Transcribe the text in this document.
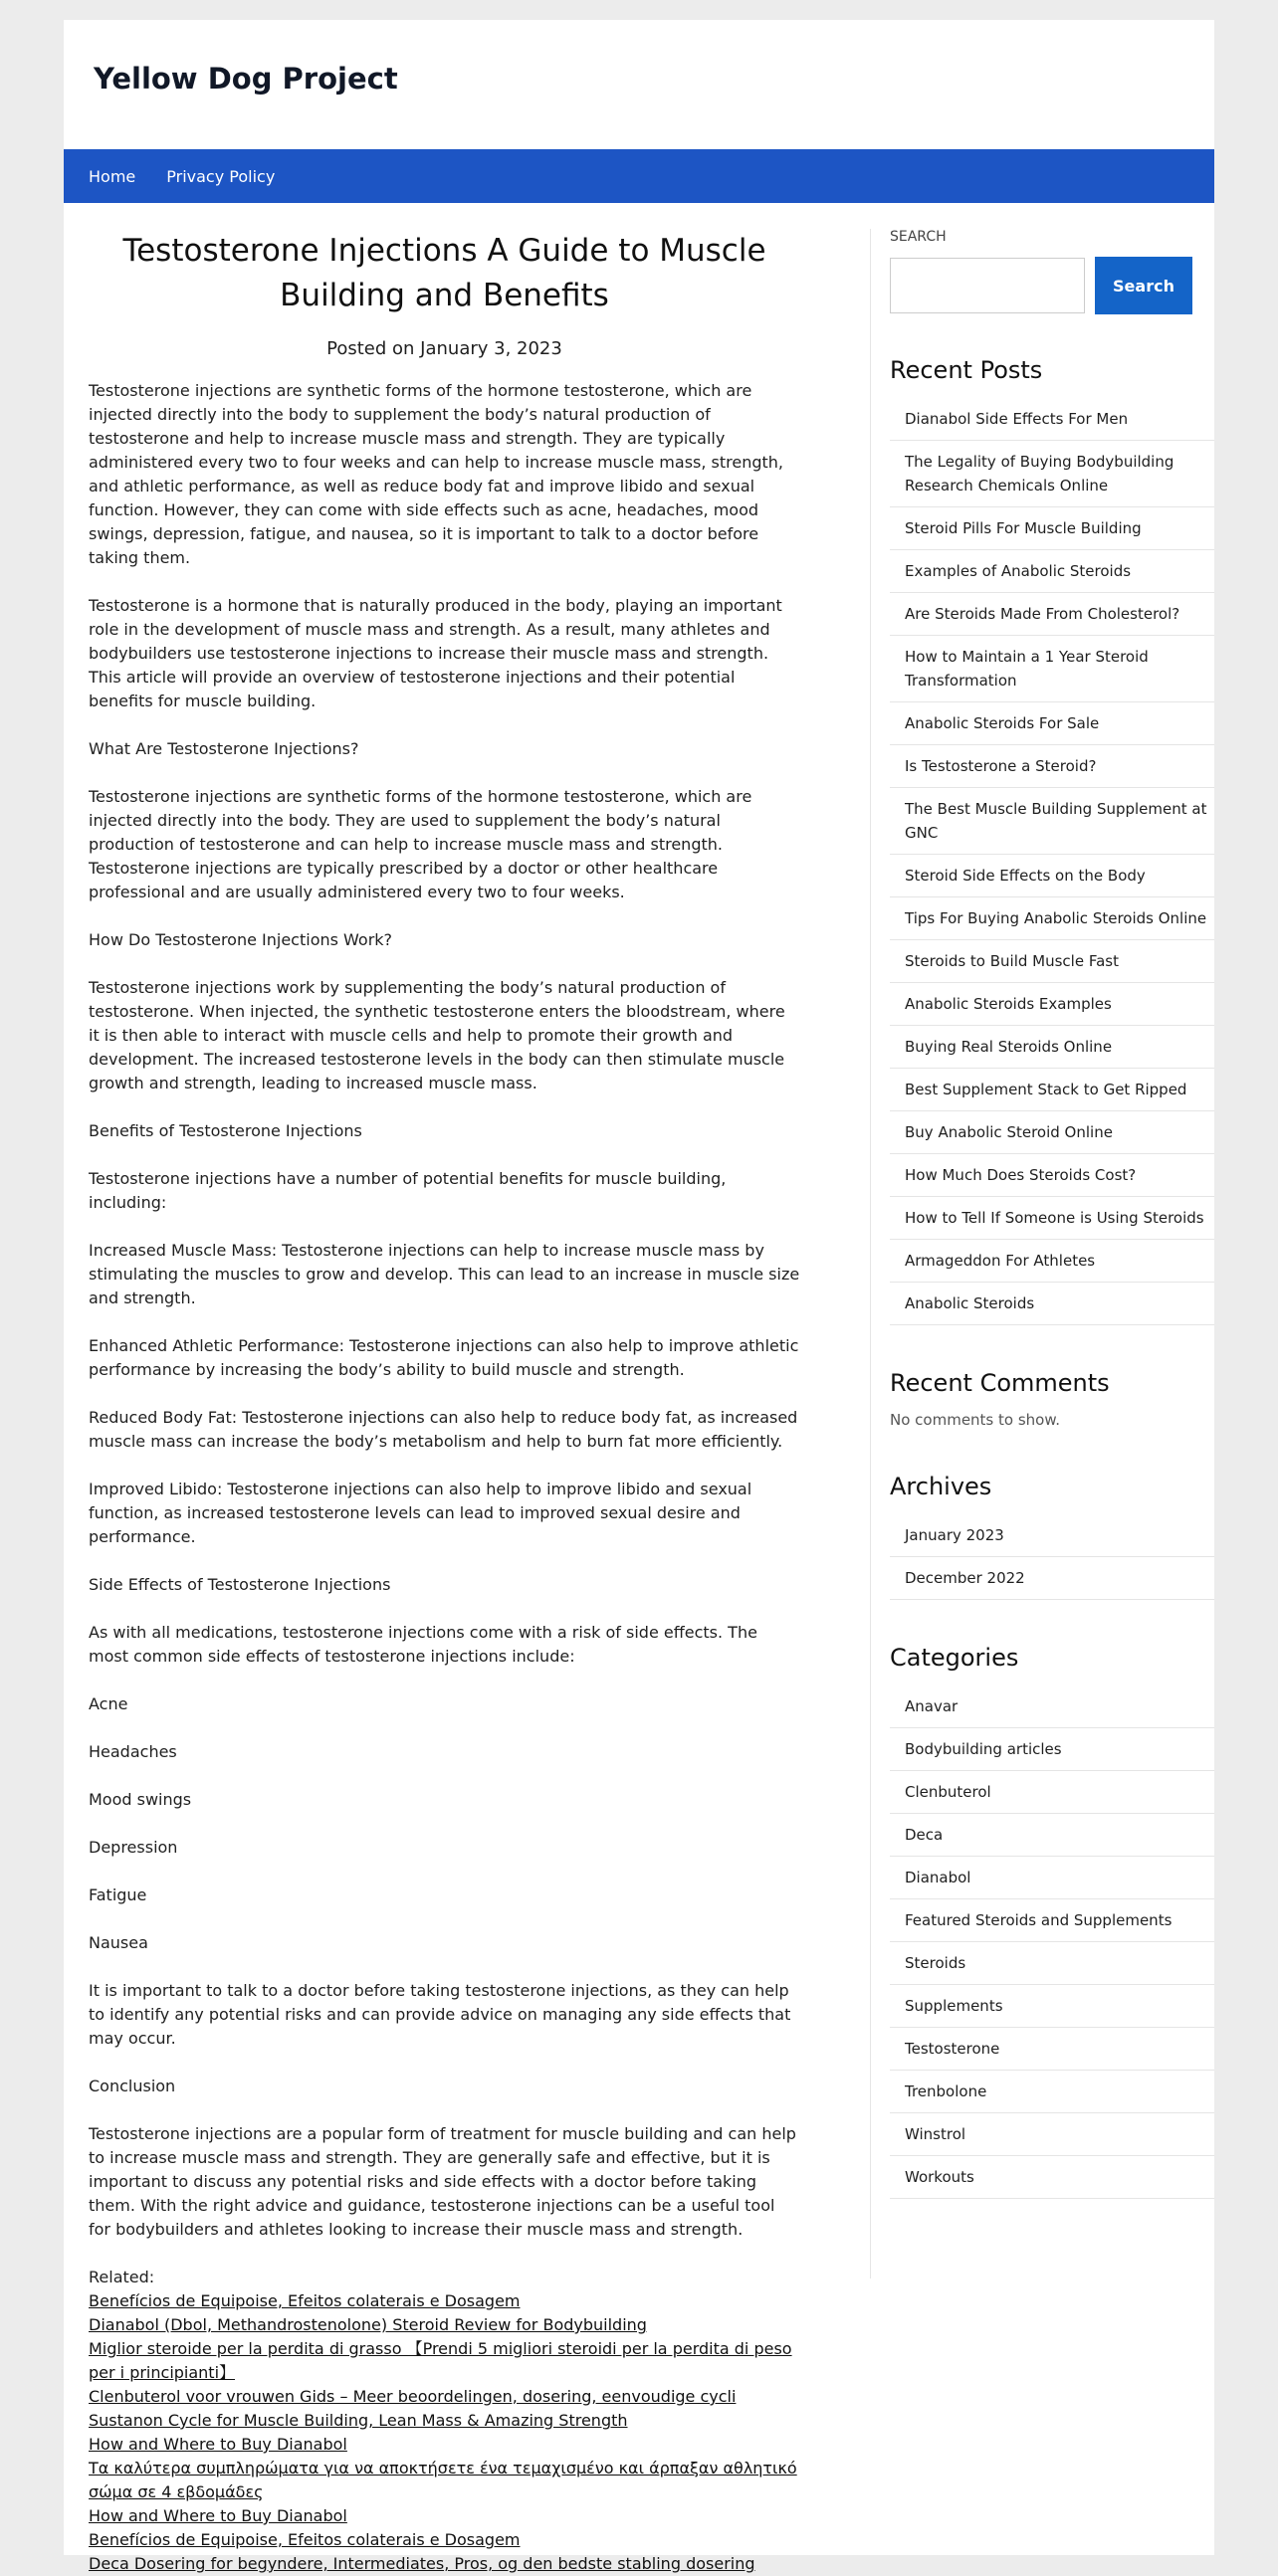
Yellow Dog Project
Home Privacy Policy
Testosterone Injections A Guide to Muscle Building and Benefits
Posted on January 3, 2023

Testosterone injections are synthetic forms of the hormone testosterone, which are injected directly into the body to supplement the body’s natural production of testosterone and help to increase muscle mass and strength. They are typically administered every two to four weeks and can help to increase muscle mass, strength, and athletic performance, as well as reduce body fat and improve libido and sexual function. However, they can come with side effects such as acne, headaches, mood swings, depression, fatigue, and nausea, so it is important to talk to a doctor before taking them.

Testosterone is a hormone that is naturally produced in the body, playing an important role in the development of muscle mass and strength. As a result, many athletes and bodybuilders use testosterone injections to increase their muscle mass and strength. This article will provide an overview of testosterone injections and their potential benefits for muscle building.

What Are Testosterone Injections?

Testosterone injections are synthetic forms of the hormone testosterone, which are injected directly into the body. They are used to supplement the body’s natural production of testosterone and can help to increase muscle mass and strength. Testosterone injections are typically prescribed by a doctor or other healthcare professional and are usually administered every two to four weeks.

How Do Testosterone Injections Work?

Testosterone injections work by supplementing the body’s natural production of testosterone. When injected, the synthetic testosterone enters the bloodstream, where it is then able to interact with muscle cells and help to promote their growth and development. The increased testosterone levels in the body can then stimulate muscle growth and strength, leading to increased muscle mass.

Benefits of Testosterone Injections

Testosterone injections have a number of potential benefits for muscle building, including:

Increased Muscle Mass: Testosterone injections can help to increase muscle mass by stimulating the muscles to grow and develop. This can lead to an increase in muscle size and strength.

Enhanced Athletic Performance: Testosterone injections can also help to improve athletic performance by increasing the body’s ability to build muscle and strength.

Reduced Body Fat: Testosterone injections can also help to reduce body fat, as increased muscle mass can increase the body’s metabolism and help to burn fat more efficiently.

Improved Libido: Testosterone injections can also help to improve libido and sexual function, as increased testosterone levels can lead to improved sexual desire and performance.

Side Effects of Testosterone Injections

As with all medications, testosterone injections come with a risk of side effects. The most common side effects of testosterone injections include:

Acne

Headaches

Mood swings

Depression

Fatigue

Nausea

It is important to talk to a doctor before taking testosterone injections, as they can help to identify any potential risks and can provide advice on managing any side effects that may occur.

Conclusion

Testosterone injections are a popular form of treatment for muscle building and can help to increase muscle mass and strength. They are generally safe and effective, but it is important to discuss any potential risks and side effects with a doctor before taking them. With the right advice and guidance, testosterone injections can be a useful tool for bodybuilders and athletes looking to increase their muscle mass and strength.

Related:
Benefícios de Equipoise, Efeitos colaterais e Dosagem
Dianabol (Dbol, Methandrostenolone) Steroid Review for Bodybuilding
Miglior steroide per la perdita di grasso 【Prendi 5 migliori steroidi per la perdita di peso per i principianti】
Clenbuterol voor vrouwen Gids – Meer beoordelingen, dosering, eenvoudige cycli
Sustanon Cycle for Muscle Building, Lean Mass & Amazing Strength
How and Where to Buy Dianabol
Τα καλύτερα συμπληρώματα για να αποκτήσετε ένα τεμαχισμένο και άρπαξαν αθλητικό σώμα σε 4 εβδομάδες
How and Where to Buy Dianabol
Benefícios de Equipoise, Efeitos colaterais e Dosagem
Deca Dosering for begyndere, Intermediates, Pros, og den bedste stabling dosering

SEARCH

Search
Recent Posts
Dianabol Side Effects For Men
The Legality of Buying Bodybuilding Research Chemicals Online
Steroid Pills For Muscle Building
Examples of Anabolic Steroids
Are Steroids Made From Cholesterol?
How to Maintain a 1 Year Steroid Transformation
Anabolic Steroids For Sale
Is Testosterone a Steroid?
The Best Muscle Building Supplement at GNC
Steroid Side Effects on the Body
Tips For Buying Anabolic Steroids Online
Steroids to Build Muscle Fast
Anabolic Steroids Examples
Buying Real Steroids Online
Best Supplement Stack to Get Ripped
Buy Anabolic Steroid Online
How Much Does Steroids Cost?
How to Tell If Someone is Using Steroids
Armageddon For Athletes
Anabolic Steroids
Recent Comments

No comments to show.

Archives
January 2023
December 2022
Categories
Anavar
Bodybuilding articles
Clenbuterol
Deca
Dianabol
Featured Steroids and Supplements
Steroids
Supplements
Testosterone
Trenbolone
Winstrol
Workouts
